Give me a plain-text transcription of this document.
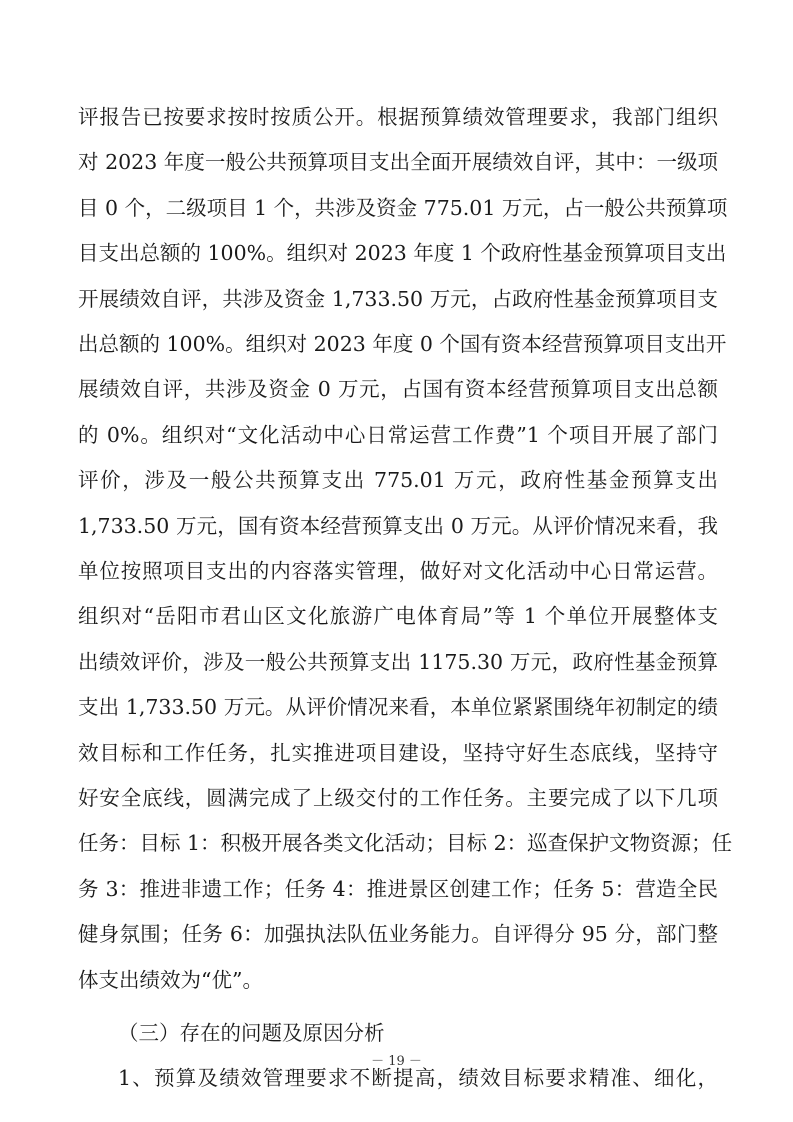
评报告已按要求按时按质公开。根据预算绩效管理要求，我部门组织
对 2023 年度一般公共预算项目支出全面开展绩效自评，其中：一级项
目 0 个，二级项目 1 个，共涉及资金 775.01 万元，占一般公共预算项
目支出总额的 100%。组织对 2023 年度 1 个政府性基金预算项目支出
开展绩效自评，共涉及资金 1,733.50 万元，占政府性基金预算项目支
出总额的 100%。组织对 2023 年度 0 个国有资本经营预算项目支出开
展绩效自评，共涉及资金 0 万元，占国有资本经营预算项目支出总额
的 0%。组织对“文化活动中心日常运营工作费”1 个项目开展了部门
评价，涉及一般公共预算支出 775.01 万元，政府性基金预算支出
1,733.50 万元，国有资本经营预算支出 0 万元。从评价情况来看，我
单位按照项目支出的内容落实管理，做好对文化活动中心日常运营。
组织对“岳阳市君山区文化旅游广电体育局”等 1 个单位开展整体支
出绩效评价，涉及一般公共预算支出 1175.30 万元，政府性基金预算
支出 1,733.50 万元。从评价情况来看，本单位紧紧围绕年初制定的绩
效目标和工作任务，扎实推进项目建设，坚持守好生态底线，坚持守
好安全底线，圆满完成了上级交付的工作任务。主要完成了以下几项
任务：目标 1：积极开展各类文化活动；目标 2：巡查保护文物资源；任
务 3：推进非遗工作；任务 4：推进景区创建工作；任务 5：营造全民
健身氛围；任务 6：加强执法队伍业务能力。自评得分 95 分，部门整
体支出绩效为“优”。
（三）存在的问题及原因分析
1、预算及绩效管理要求不断提高，绩效目标要求精准、细化，
－ 19 －
